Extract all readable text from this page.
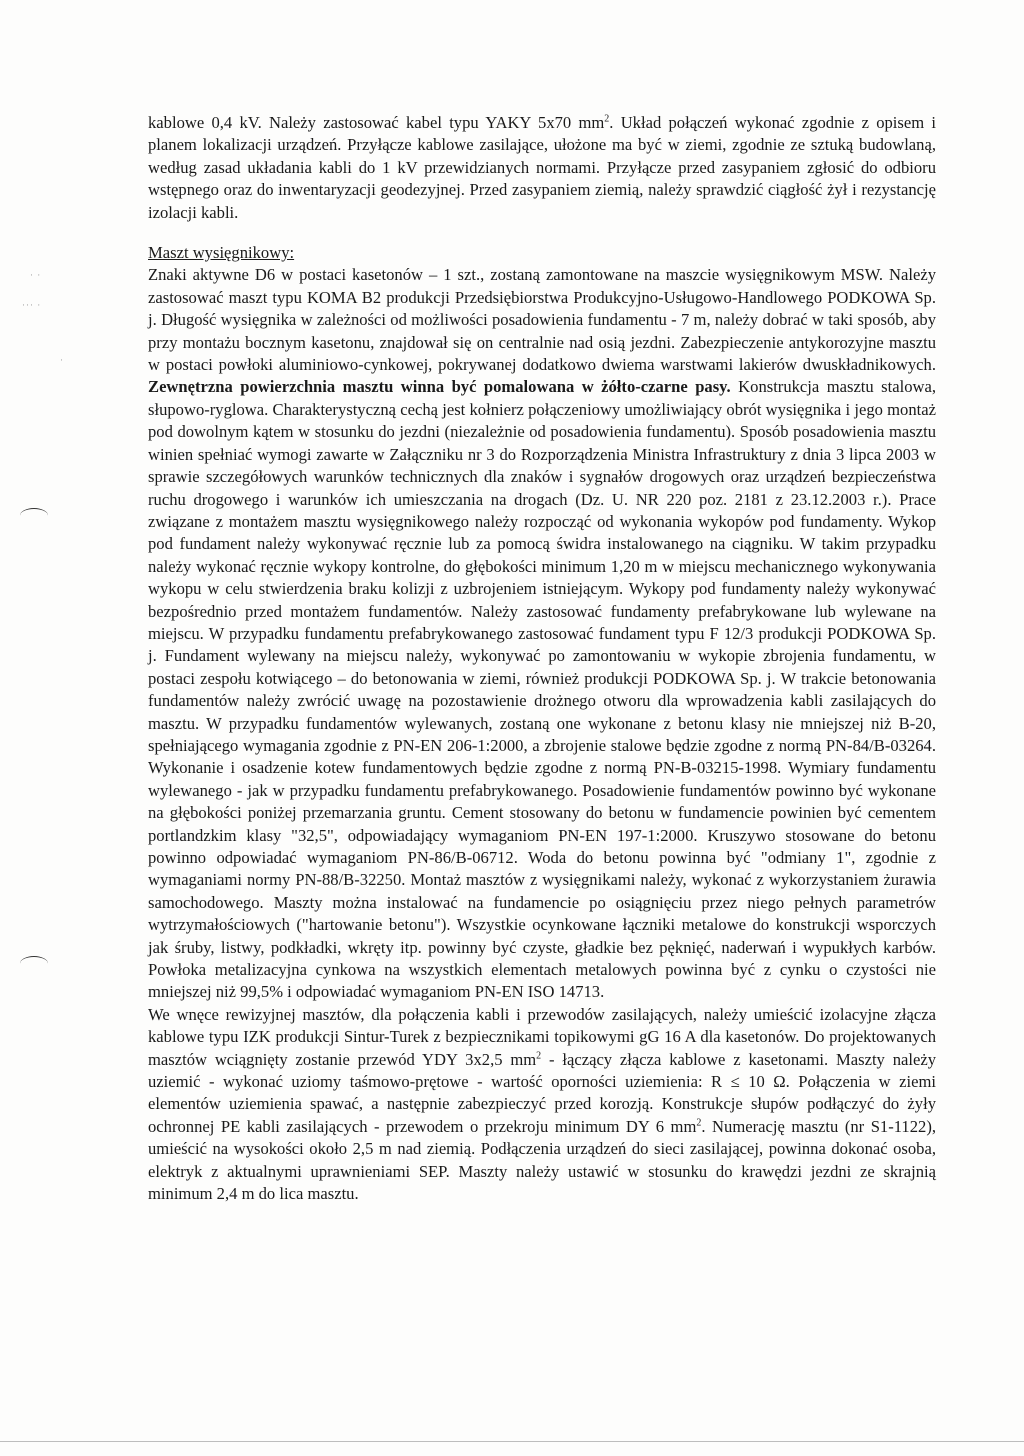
· ·
··· ·
·

kablowe 0,4 kV. Należy zastosować kabel typu YAKY 5x70 $mm^2$. Układ połączeń wykonać zgodnie z opisem i planem lokalizacji urządzeń. Przyłącze kablowe zasilające, ułożone ma być w ziemi, zgodnie ze sztuką budowlaną, według zasad układania kabli do 1 kV przewidzianych normami. Przyłącze przed zasypaniem zgłosić do odbioru wstępnego oraz do inwentaryzacji geodezyjnej. Przed zasypaniem ziemią, należy sprawdzić ciągłość żył i rezystancję izolacji kabli.

Maszt wysięgnikowy:

Znaki aktywne D6 w postaci kasetonów – 1 szt., zostaną zamontowane na maszcie wysięgnikowym MSW. Należy zastosować maszt typu KOMA B2 produkcji Przedsiębiorstwa Produkcyjno-Usługowo-Handlowego PODKOWA Sp. j. Długość wysięgnika w zależności od możliwości posadowienia fundamentu - 7 m, należy dobrać w taki sposób, aby przy montażu bocznym kasetonu, znajdował się on centralnie nad osią jezdni. Zabezpieczenie antykorozyjne masztu w postaci powłoki aluminiowo-cynkowej, pokrywanej dodatkowo dwiema warstwami lakierów dwuskładnikowych. Zewnętrzna powierzchnia masztu winna być pomalowana w żółto-czarne pasy. Konstrukcja masztu stalowa, słupowo-ryglowa. Charakterystyczną cechą jest kołnierz połączeniowy umożliwiający obrót wysięgnika i jego montaż pod dowolnym kątem w stosunku do jezdni (niezależnie od posadowienia fundamentu). Sposób posadowienia masztu winien spełniać wymogi zawarte w Załączniku nr 3 do Rozporządzenia Ministra Infrastruktury z dnia 3 lipca 2003 w sprawie szczegółowych warunków technicznych dla znaków i sygnałów drogowych oraz urządzeń bezpieczeństwa ruchu drogowego i warunków ich umieszczania na drogach (Dz. U. NR 220 poz. 2181 z 23.12.2003 r.). Prace związane z montażem masztu wysięgnikowego należy rozpocząć od wykonania wykopów pod fundamenty. Wykop pod fundament należy wykonywać ręcznie lub za pomocą świdra instalowanego na ciągniku. W takim przypadku należy wykonać ręcznie wykopy kontrolne, do głębokości minimum 1,20 m w miejscu mechanicznego wykonywania wykopu w celu stwierdzenia braku kolizji z uzbrojeniem istniejącym. Wykopy pod fundamenty należy wykonywać bezpośrednio przed montażem fundamentów. Należy zastosować fundamenty prefabrykowane lub wylewane na miejscu. W przypadku fundamentu prefabrykowanego zastosować fundament typu F 12/3 produkcji PODKOWA Sp. j. Fundament wylewany na miejscu należy, wykonywać po zamontowaniu w wykopie zbrojenia fundamentu, w postaci zespołu kotwiącego – do betonowania w ziemi, również produkcji PODKOWA Sp. j. W trakcie betonowania fundamentów należy zwrócić uwagę na pozostawienie drożnego otworu dla wprowadzenia kabli zasilających do masztu. W przypadku fundamentów wylewanych, zostaną one wykonane z betonu klasy nie mniejszej niż B-20, spełniającego wymagania zgodnie z PN-EN 206-1:2000, a zbrojenie stalowe będzie zgodne z normą PN-84/B-03264. Wykonanie i osadzenie kotew fundamentowych będzie zgodne z normą PN-B-03215-1998. Wymiary fundamentu wylewanego - jak w przypadku fundamentu prefabrykowanego. Posadowienie fundamentów powinno być wykonane na głębokości poniżej przemarzania gruntu. Cement stosowany do betonu w fundamencie powinien być cementem portlandzkim klasy "32,5", odpowiadający wymaganiom PN-EN 197-1:2000. Kruszywo stosowane do betonu powinno odpowiadać wymaganiom PN-86/B-06712. Woda do betonu powinna być "odmiany 1", zgodnie z wymaganiami normy PN-88/B-32250. Montaż masztów z wysięgnikami należy, wykonać z wykorzystaniem żurawia samochodowego. Maszty można instalować na fundamencie po osiągnięciu przez niego pełnych parametrów wytrzymałościowych ("hartowanie betonu"). Wszystkie ocynkowane łączniki metalowe do konstrukcji wsporczych jak śruby, listwy, podkładki, wkręty itp. powinny być czyste, gładkie bez pęknięć, naderwań i wypukłych karbów. Powłoka metalizacyjna cynkowa na wszystkich elementach metalowych powinna być z cynku o czystości nie mniejszej niż 99,5% i odpowiadać wymaganiom PN-EN ISO 14713.

We wnęce rewizyjnej masztów, dla połączenia kabli i przewodów zasilających, należy umieścić izolacyjne złącza kablowe typu IZK produkcji Sintur-Turek z bezpiecznikami topikowymi gG 16 A dla kasetonów. Do projektowanych masztów wciągnięty zostanie przewód YDY 3x2,5 $mm^2$ - łączący złącza kablowe z kasetonami. Maszty należy uziemić - wykonać uziomy taśmowo-prętowe - wartość oporności uziemienia: R ≤ 10 Ω. Połączenia w ziemi elementów uziemienia spawać, a następnie zabezpieczyć przed korozją. Konstrukcje słupów podłączyć do żyły ochronnej PE kabli zasilających - przewodem o przekroju minimum DY 6 $mm^2$. Numerację masztu (nr S1-1122), umieścić na wysokości około 2,5 m nad ziemią. Podłączenia urządzeń do sieci zasilającej, powinna dokonać osoba, elektryk z aktualnymi uprawnieniami SEP. Maszty należy ustawić w stosunku do krawędzi jezdni ze skrajnią minimum 2,4 m do lica masztu.
